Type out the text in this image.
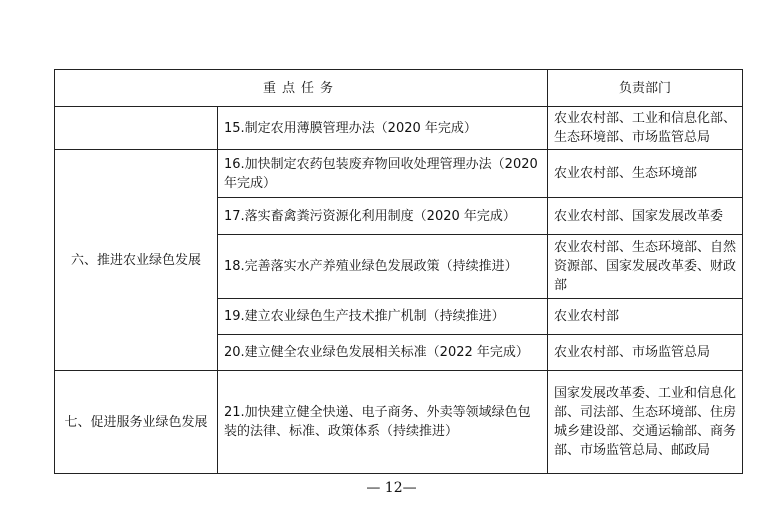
重点任务		负责部门
	15.制定农用薄膜管理办法（2020 年完成）	农业农村部、工业和信息化部、生态环境部、市场监管总局
六、推进农业绿色发展	16.加快制定农药包装废弃物回收处理管理办法（2020 年完成）	农业农村部、生态环境部
	17.落实畜禽粪污资源化利用制度（2020 年完成）	农业农村部、国家发展改革委
	18.完善落实水产养殖业绿色发展政策（持续推进）	农业农村部、生态环境部、自然资源部、国家发展改革委、财政部
	19.建立农业绿色生产技术推广机制（持续推进）	农业农村部
	20.建立健全农业绿色发展相关标准（2022 年完成）	农业农村部、市场监管总局
七、促进服务业绿色发展	21.加快建立健全快递、电子商务、外卖等领域绿色包装的法律、标准、政策体系（持续推进）	国家发展改革委、工业和信息化部、司法部、生态环境部、住房城乡建设部、交通运输部、商务部、市场监管总局、邮政局
— 12—
